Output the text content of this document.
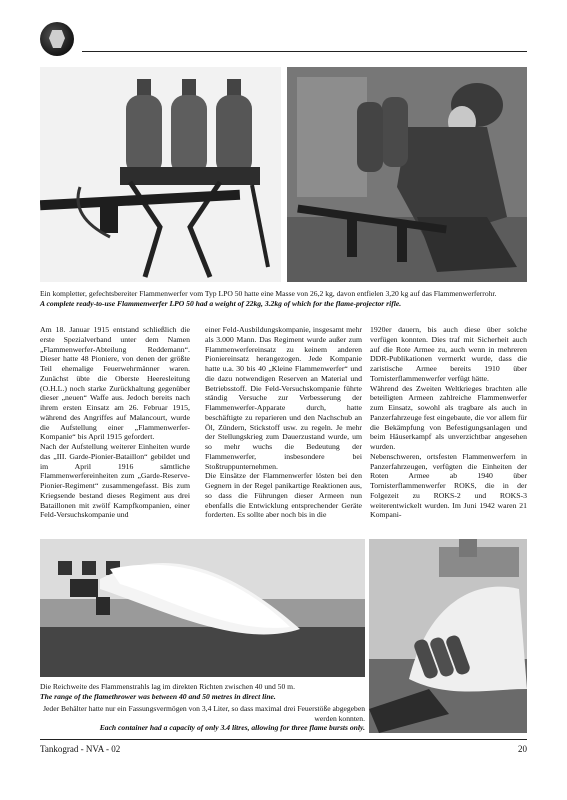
Ein kompletter, gefechtsbereiter Flammenwerfer vom Typ LPO 50 hatte eine Masse von 26,2 kg, davon entfielen 3,20 kg auf das Flammenwerferrohr.
A complete ready-to-use Flammenwerfer LPO 50 had a weight of 22kg, 3.2kg of which for the flame-projector rifle.

Am 18. Januar 1915 entstand schließlich die erste Spezialverband unter dem Namen „Flammenwerfer-Abteilung Reddemann“. Dieser hatte 48 Pioniere, von denen der größte Teil ehemalige Feuerwehrmänner waren. Zunächst übte die Oberste Heeresleitung (O.H.L.) noch starke Zurückhaltung gegenüber dieser „neuen“ Waffe aus. Jedoch bereits nach ihrem ersten Einsatz am 26. Februar 1915, während des Angriffes auf Malancourt, wurde die Aufstellung einer „Flammenwerfer-Kompanie“ bis April 1915 gefordert.

Nach der Aufstellung weiterer Einheiten wurde das „III. Garde-Pionier-Bataillon“ gebildet und im April 1916 sämtliche Flammenwerfereinheiten zum „Garde-Reserve-Pionier-Regiment“ zusammengefasst. Bis zum Kriegsende bestand dieses Regiment aus drei Bataillonen mit zwölf Kampfkompanien, einer Feld-Versuchskompanie und

einer Feld-Ausbildungskompanie, insgesamt mehr als 3.000 Mann. Das Regiment wurde außer zum Flammenwerfereinsatz zu keinem anderen Pioniereinsatz herangezogen. Jede Kompanie hatte u.a. 30 bis 40 „Kleine Flammenwerfer“ und die dazu notwendigen Reserven an Material und Betriebsstoff. Die Feld-Versuchskompanie führte ständig Versuche zur Verbesserung der Flammenwerfer-Apparate durch, hatte beschäftigte zu reparieren und den Nachschub an Öl, Zündern, Stickstoff usw. zu regeln. Je mehr der Stellungskrieg zum Dauerzustand wurde, um so mehr wuchs die Bedeutung der Flammenwerfer, insbesondere bei Stoßtruppunternehmen.

Die Einsätze der Flammenwerfer lösten bei den Gegnern in der Regel panikartige Reaktionen aus, so dass die Führungen dieser Armeen nun ebenfalls die Entwicklung entsprechender Geräte forderten. Es sollte aber noch bis in die

1920er dauern, bis auch diese über solche verfügen konnten. Dies traf mit Sicherheit auch auf die Rote Armee zu, auch wenn in mehreren DDR-Publikationen vermerkt wurde, dass die zaristische Armee bereits 1910 über Tornisterflammenwerfer verfügt hätte.

Während des Zweiten Weltkrieges brachten alle beteiligten Armeen zahlreiche Flammenwerfer zum Einsatz, sowohl als tragbare als auch in Panzerfahrzeuge fest eingebaute, die vor allem für die Bekämpfung von Befestigungsanlagen und beim Häuserkampf als unverzichtbar angesehen wurden.

Nebenschweren, ortsfesten Flammenwerfern in Panzerfahrzeugen, verfügten die Einheiten der Roten Armee ab 1940 über Tornisterflammenwerfer ROKS, die in der Folgezeit zu ROKS-2 und ROKS-3 weiterentwickelt wurden. Im Juni 1942 waren 21 Kompani-

Die Reichweite des Flammenstrahls lag im direkten Richten zwischen 40 und 50 m.
The range of the flamethrower was between 40 and 50 metres in direct line.
Jeder Behälter hatte nur ein Fassungsvermögen von 3,4 Liter, so dass maximal drei Feuerstöße abgegeben werden konnten.
Each container had a capacity of only 3.4 litres, allowing for three flame bursts only.
Tankograd - NVA - 02	20
